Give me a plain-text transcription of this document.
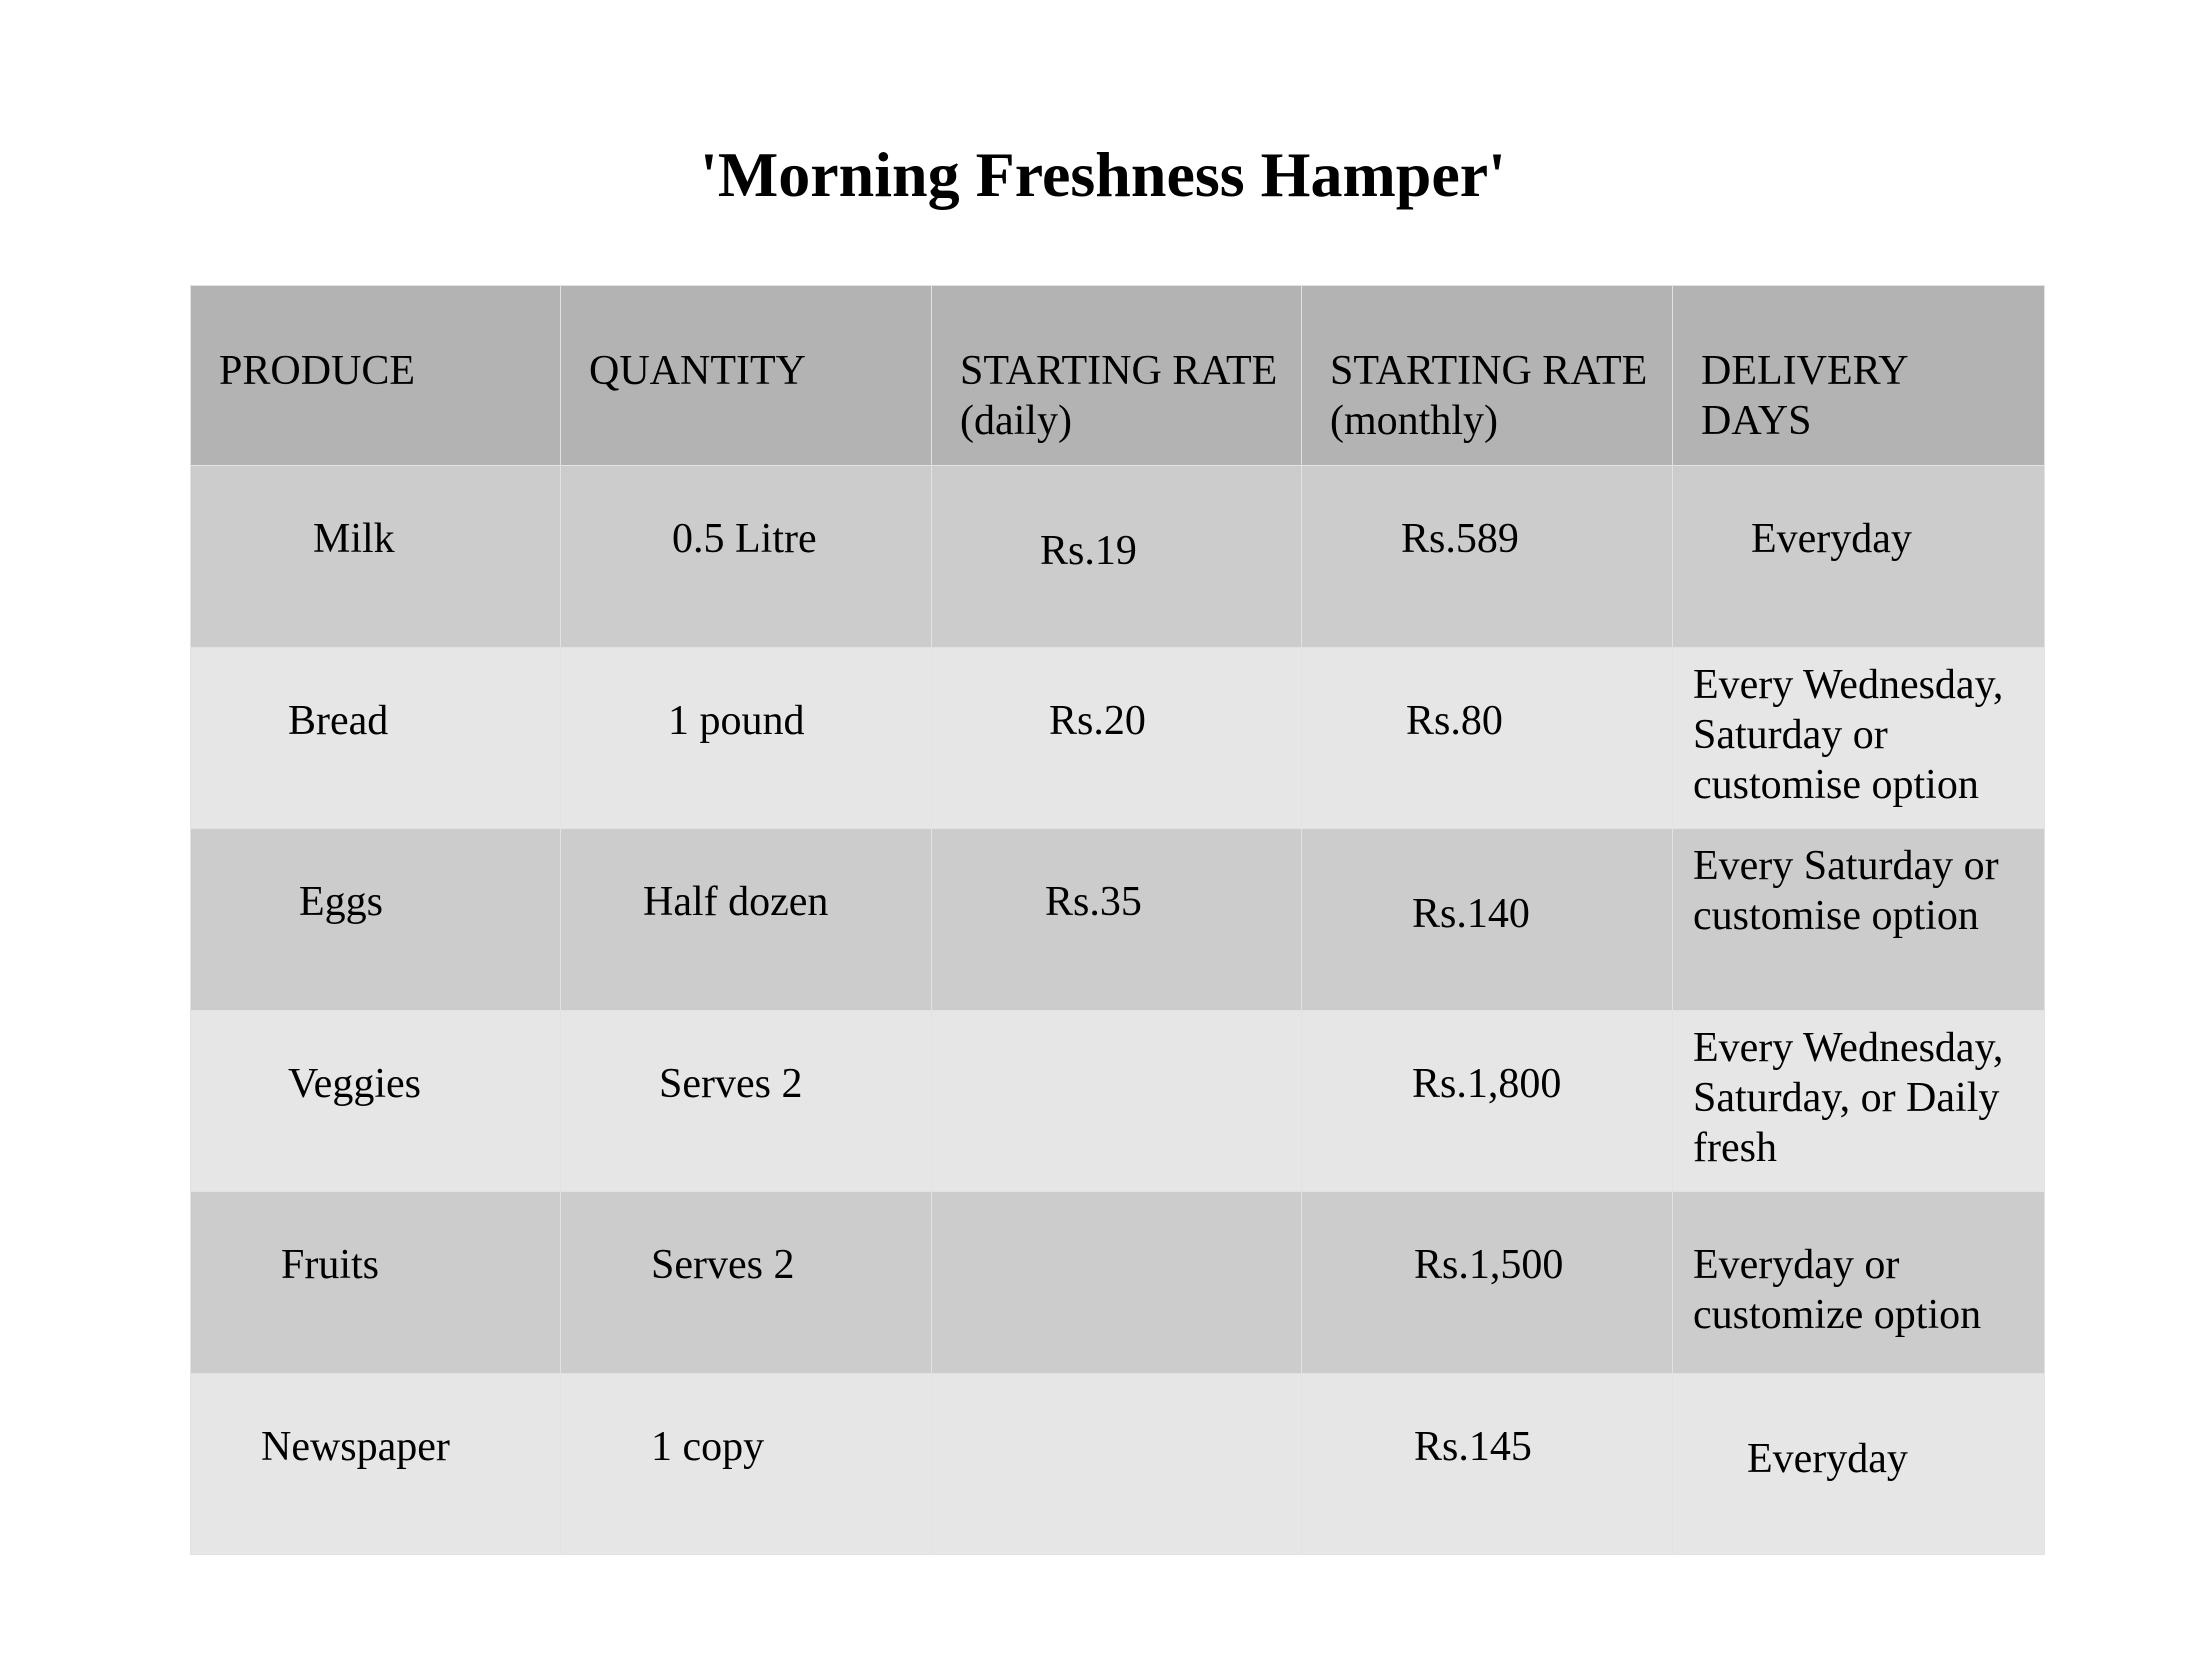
'Morning Freshness Hamper'
PRODUCE	QUANTITY	STARTING RATE (daily)	STARTING RATE (monthly)	DELIVERY DAYS

Milk	0.5 Litre	Rs.19	Rs.589	Everyday

Bread	1 pound	Rs.20	Rs.80	Every Wednesday, Saturday or customise option

Eggs	Half dozen	Rs.35	Rs.140	Every Saturday or customise option

Veggies	Serves 2		Rs.1,800	Every Wednesday, Saturday, or Daily fresh

Fruits	Serves 2		Rs.1,500	Everyday or customize option

Newspaper	1 copy		Rs.145	Everyday
